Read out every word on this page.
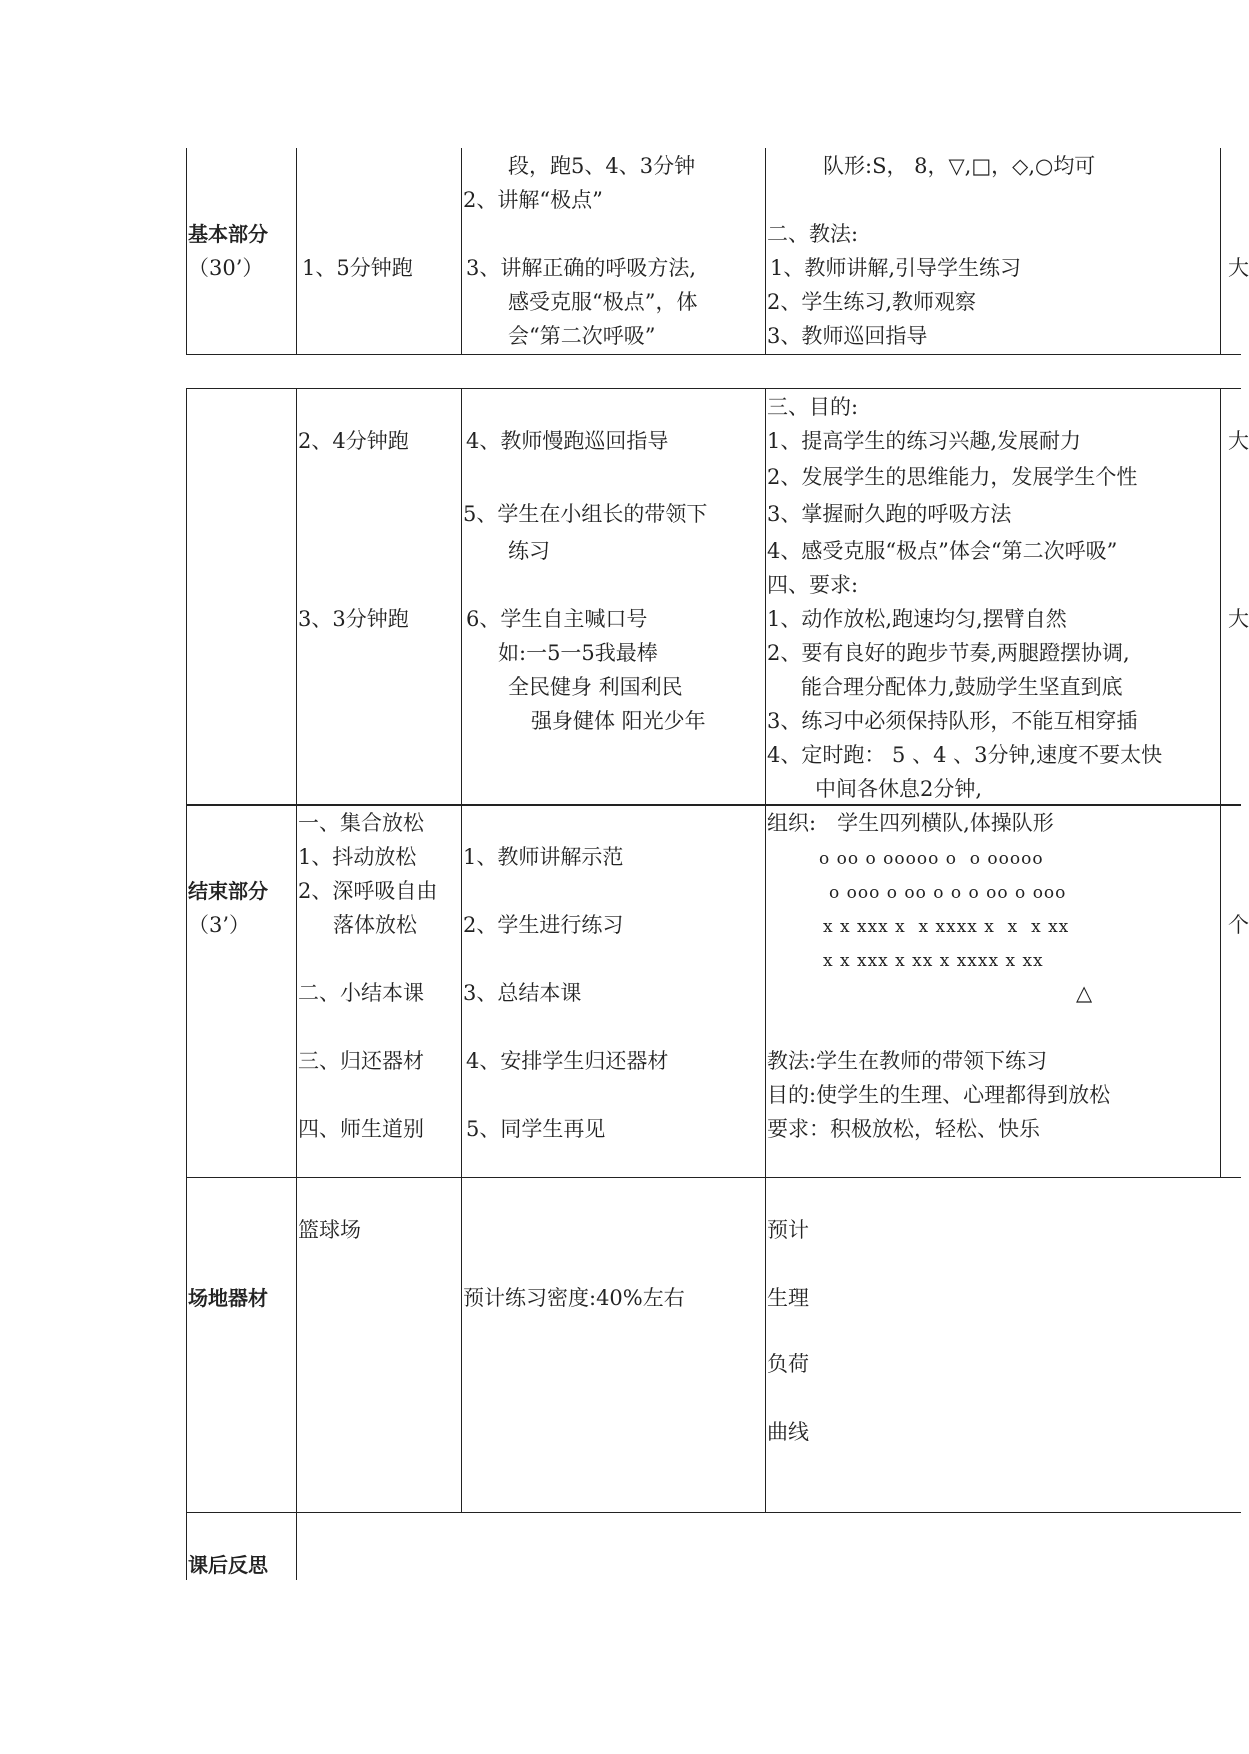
基本部分
（30’） 1、5分钟跑
段，跑5、4、3分钟
2、讲解“极点”
3、讲解正确的呼吸方法,
感受克服“极点”，体
会“第二次呼吸”
队形:S， 8，▽,□，◇,○均可
二、教法:
1、教师讲解,引导学生练习
2、学生练习,教师观察
3、教师巡回指导
大
2、4分钟跑
3、3分钟跑
4、教师慢跑巡回指导
5、学生在小组长的带领下
练习
6、学生自主喊口号
如:一5一5我最棒
全民健身 利国利民
强身健体 阳光少年
三、目的:
1、提高学生的练习兴趣,发展耐力
2、发展学生的思维能力，发展学生个性
3、掌握耐久跑的呼吸方法
4、感受克服“极点”体会“第二次呼吸”
四、要求:
1、动作放松,跑速均匀,摆臂自然
2、要有良好的跑步节奏,两腿蹬摆协调,
能合理分配体力,鼓励学生坚直到底
3、练习中必须保持队形，不能互相穿插
4、定时跑： 5 、4 、3分钟,速度不要太快
中间各休息2分钟,
大
大
结束部分
（3’）
一、集合放松
1、抖动放松
2、深呼吸自由
落体放松
二、小结本课
三、归还器材
四、师生道别
1、教师讲解示范
2、学生进行练习
3、总结本课
4、安排学生归还器材
5、同学生再见
组织:　学生四列横队,体操队形
o oo o ooooo o  o ooooo
o ooo o oo o o o oo o ooo
x x xxx x  x xxxx x  x  x xx
x x xxx x xx x xxxx x xx
△
教法:学生在教师的带领下练习
目的:使学生的生理、心理都得到放松
要求：积极放松，轻松、快乐
个
场地器材
篮球场
预计练习密度:40%左右
预计
生理
负荷
曲线
课后反思
